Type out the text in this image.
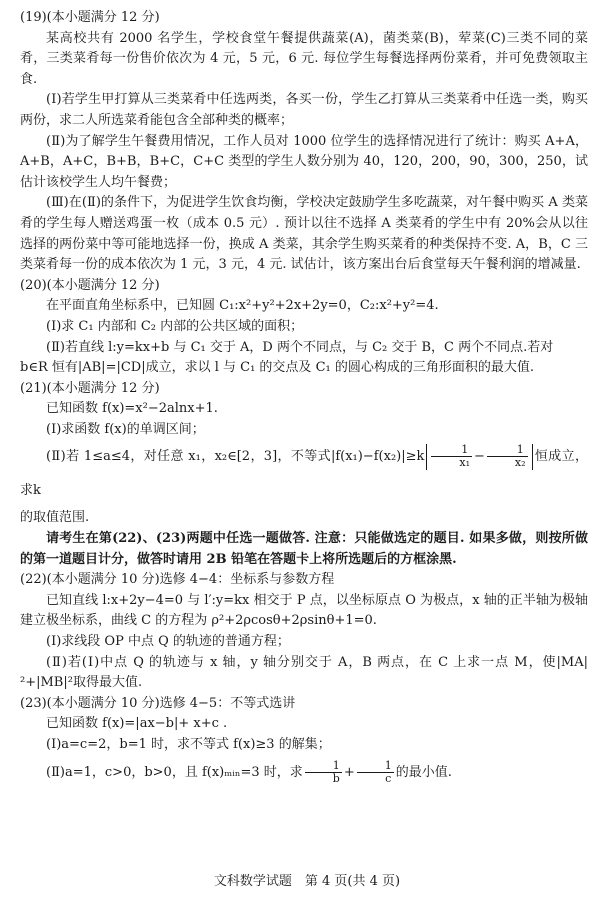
(19)(本小题满分 12 分)

某高校共有 2000 名学生，学校食堂午餐提供蔬菜(A)，菌类菜(B)，荤菜(C)三类不同的菜肴，三类菜肴每一份售价依次为 4 元，5 元，6 元. 每位学生每餐选择两份菜肴，并可免费领取主食.

(Ⅰ)若学生甲打算从三类菜肴中任选两类，各买一份，学生乙打算从三类菜肴中任选一类，购买两份，求二人所选菜肴能包含全部种类的概率；

(Ⅱ)为了解学生午餐费用情况，工作人员对 1000 位学生的选择情况进行了统计：购买 A+A，A+B，A+C，B+B，B+C，C+C 类型的学生人数分别为 40，120，200，90，300，250，试估计该校学生人均午餐费；

(Ⅲ)在(Ⅱ)的条件下，为促进学生饮食均衡，学校决定鼓励学生多吃蔬菜，对午餐中购买 A 类菜肴的学生每人赠送鸡蛋一枚（成本 0.5 元）. 预计以往不选择 A 类菜肴的学生中有 20%会从以往选择的两份菜中等可能地选择一份，换成 A 类菜，其余学生购买菜肴的种类保持不变. A，B，C 三类菜肴每一份的成本依次为 1 元，3 元，4 元. 试估计，该方案出台后食堂每天午餐利润的增减量.

(20)(本小题满分 12 分)

在平面直角坐标系中，已知圆 C₁:x²+y²+2x+2y=0，C₂:x²+y²=4.

(Ⅰ)求 C₁ 内部和 C₂ 内部的公共区域的面积；

(Ⅱ)若直线 l:y=kx+b 与 C₁ 交于 A，D 两个不同点，与 C₂ 交于 B，C 两个不同点.若对

b∈R 恒有|AB|=|CD|成立，求以 l 与 C₁ 的交点及 C₁ 的圆心构成的三角形面积的最大值.

(21)(本小题满分 12 分)

已知函数 f(x)=x²−2alnx+1.

(Ⅰ)求函数 f(x)的单调区间；

(Ⅱ)若 1≤a≤4，对任意 x₁，x₂∈[2，3]，不等式$|f(x_1)-f(x_2)|\ge k \frac{1}{\text{x₁}} - \frac{1}{\text{x₂}}$ 恒成立，求k

的取值范围.

请考生在第(22)、(23)两题中任选一题做答. 注意：只能做选定的题目. 如果多做，则按所做的第一道题目计分，做答时请用 2B 铅笔在答题卡上将所选题后的方框涂黑.

(22)(本小题满分 10 分)选修 4−4：坐标系与参数方程

已知直线 l:x+2y−4=0 与 l′:y=kx 相交于 P 点，以坐标原点 O 为极点，x 轴的正半轴为极轴建立极坐标系，曲线 C 的方程为 ρ²+2ρcosθ+2ρsinθ+1=0.

(Ⅰ)求线段 OP 中点 Q 的轨迹的普通方程；

(Ⅱ)若(Ⅰ)中点 Q 的轨迹与 x 轴，y 轴分别交于 A，B 两点，在 C 上求一点 M，使|MA|²+|MB|²取得最大值.

(23)(本小题满分 10 分)选修 4−5：不等式选讲

已知函数 f(x)=|ax−b|+ x+c .

(Ⅰ)a=c=2，b=1 时，求不等式 f(x)≥3 的解集；

(Ⅱ)a=1，c>0，b>0，且 f(x)ₘᵢₙ=3 时，求 $\frac{1}{b} + \frac{1}{c}$ 的最小值.

文科数学试题　第 4 页(共 4 页)
